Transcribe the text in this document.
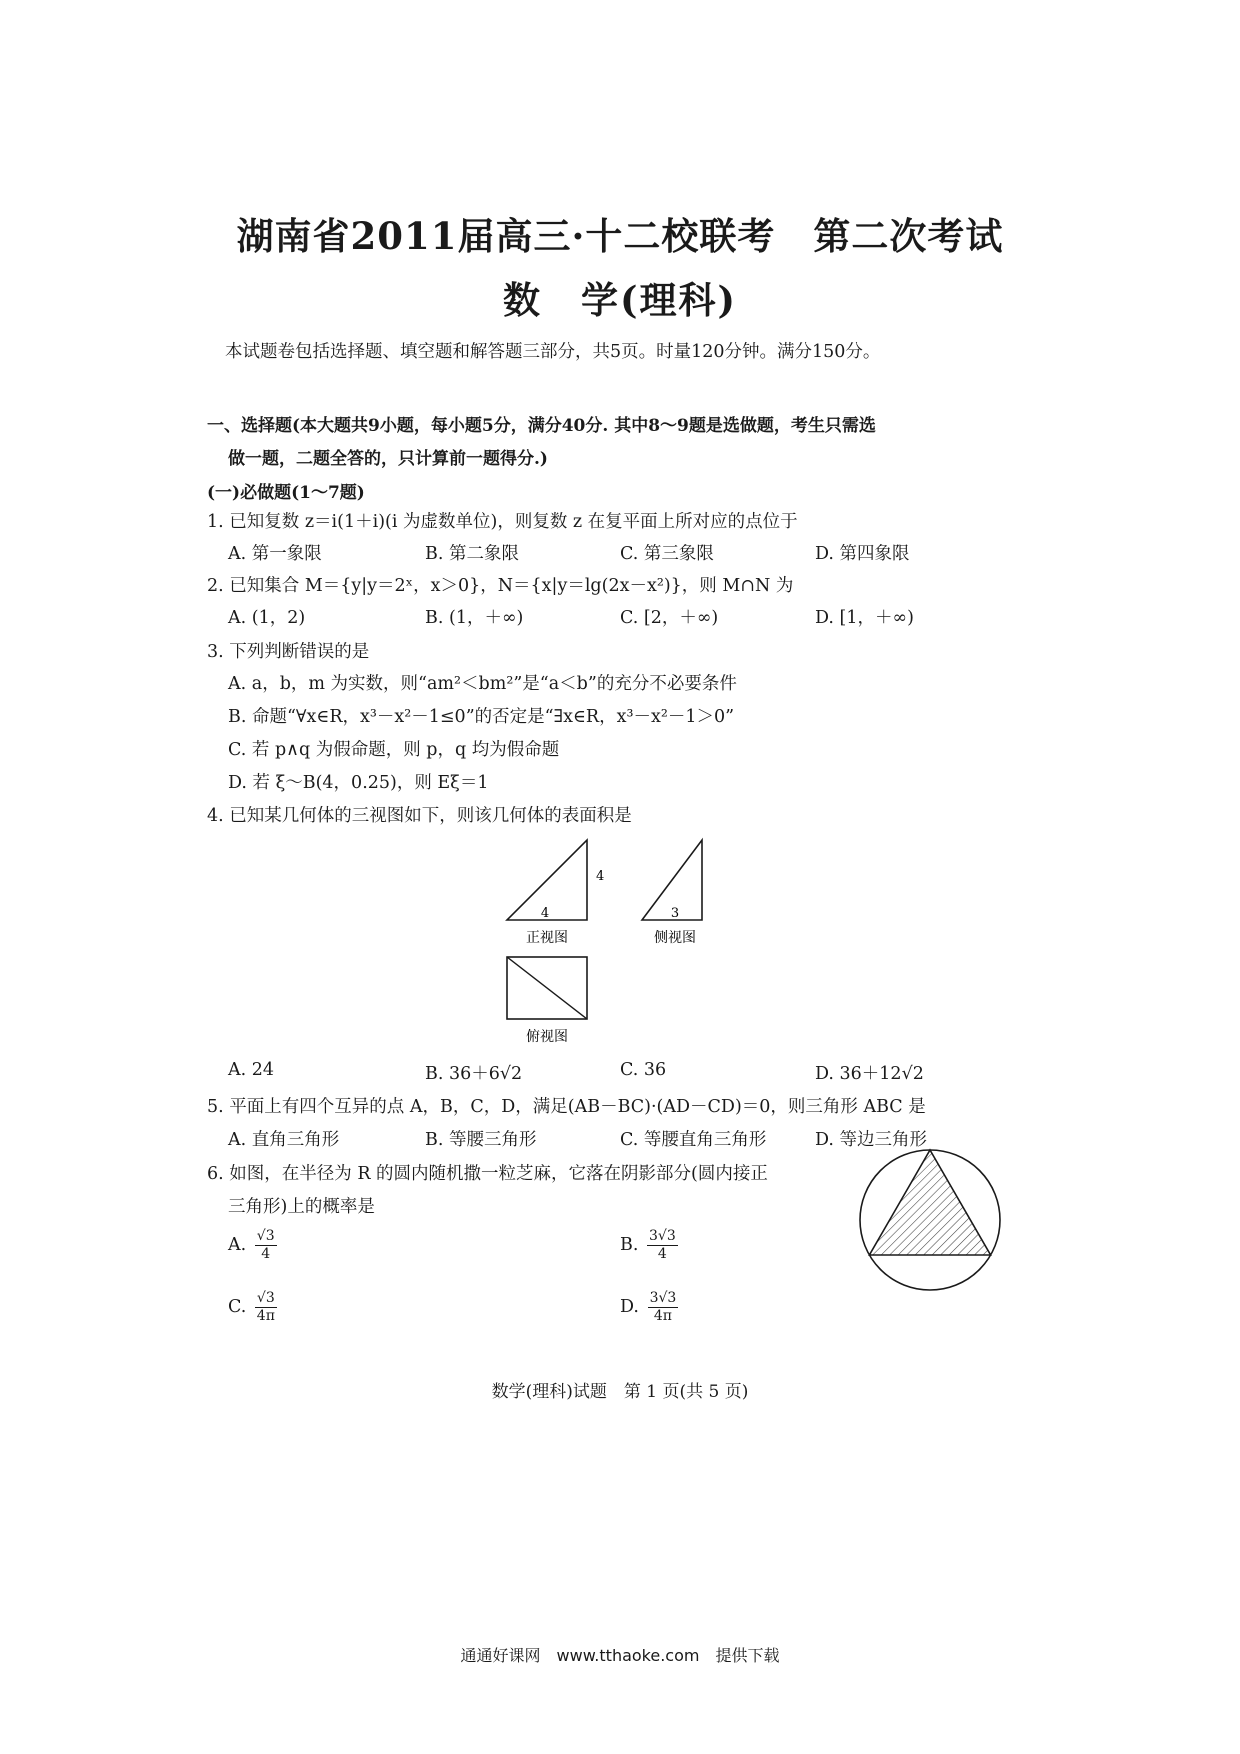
湖南省2011届高三·十二校联考　第二次考试
数　学(理科)
本试题卷包括选择题、填空题和解答题三部分，共5页。时量120分钟。满分150分。
一、选择题(本大题共9小题，每小题5分，满分40分. 其中8～9题是选做题，考生只需选
做一题，二题全答的，只计算前一题得分.)
(一)必做题(1～7题)
1. 已知复数 z＝i(1＋i)(i 为虚数单位)，则复数 z 在复平面上所对应的点位于
A. 第一象限	B. 第二象限	C. 第三象限	D. 第四象限
2. 已知集合 M＝{y|y＝2ˣ，x＞0}，N＝{x|y＝lg(2x－x²)}，则 M∩N 为
A. (1，2)	B. (1，＋∞)	C. [2，＋∞)	D. [1，＋∞)
3. 下列判断错误的是
A. a，b，m 为实数，则“am²＜bm²”是“a＜b”的充分不必要条件
B. 命题“∀x∈R，x³－x²－1≤0”的否定是“∃x∈R，x³－x²－1＞0”
C. 若 p∧q 为假命题，则 p，q 均为假命题
D. 若 ξ～B(4，0.25)，则 Eξ＝1
4. 已知某几何体的三视图如下，则该几何体的表面积是
4
4
正视图
3
侧视图
俯视图
A. 24	B. 36＋6√2	C. 36	D. 36＋12√2
5. 平面上有四个互异的点 A，B，C，D，满足(AB－BC)·(AD－CD)＝0，则三角形 ABC 是
A. 直角三角形	B. 等腰三角形	C. 等腰直角三角形	D. 等边三角形
6. 如图，在半径为 R 的圆内随机撒一粒芝麻，它落在阴影部分(圆内接正
三角形)上的概率是
A. $\frac{√3}{4}$	B. $\frac{3√3}{4}$
C. $\frac{√3}{4\pi}$	D. $\frac{3√3}{4\pi}$
数学(理科)试题　第 1 页(共 5 页)
通通好课网　www.tthaoke.com　提供下载
